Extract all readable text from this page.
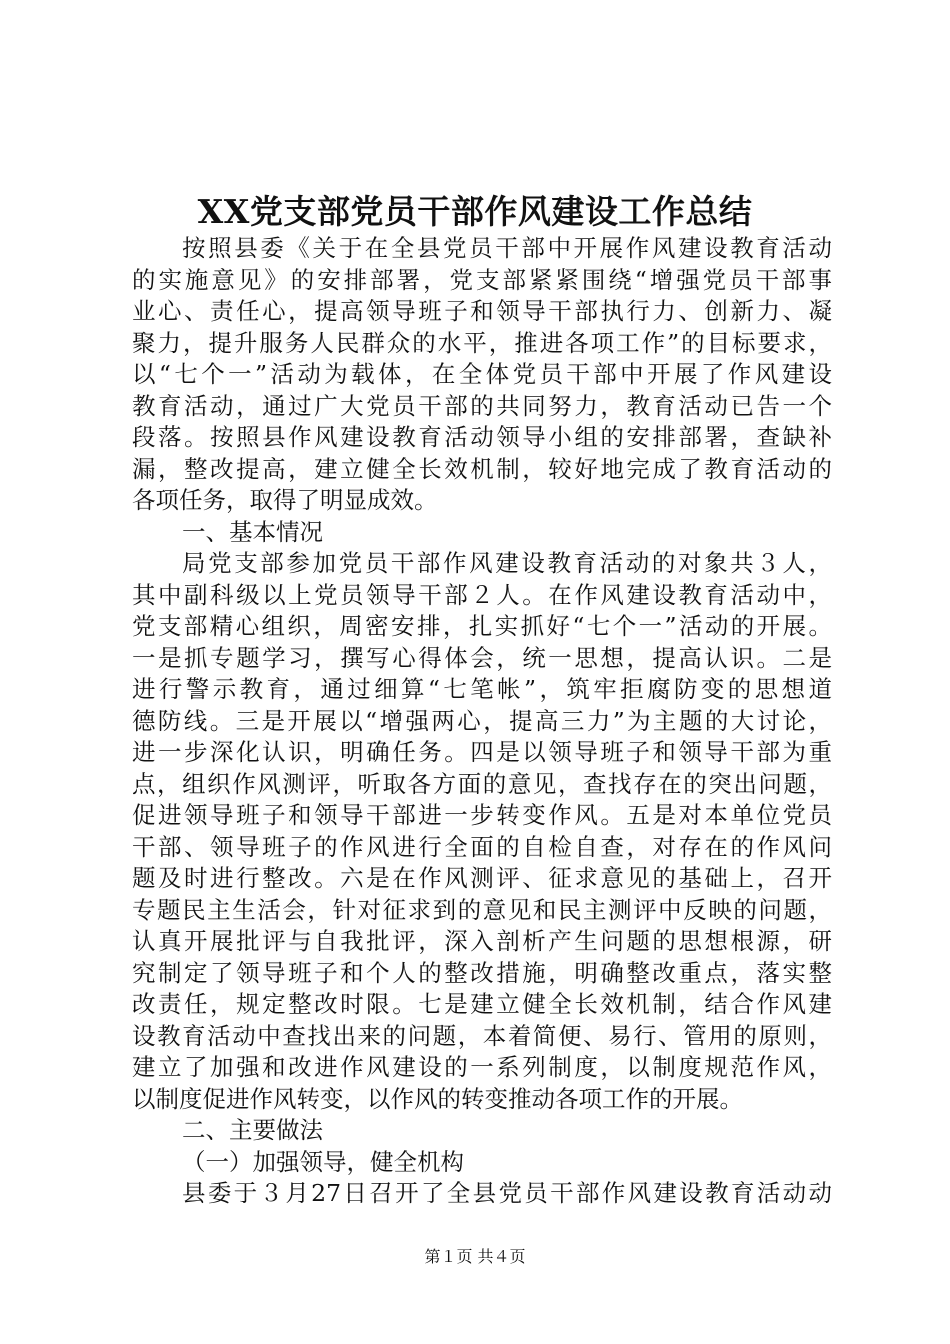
XX党支部党员干部作风建设工作总结
按照县委《关于在全县党员干部中开展作风建设教育活动
的实施意见》的安排部署，党支部紧紧围绕“增强党员干部事
业心、责任心，提高领导班子和领导干部执行力、创新力、凝
聚力，提升服务人民群众的水平，推进各项工作”的目标要求，
以“七个一”活动为载体，在全体党员干部中开展了作风建设
教育活动，通过广大党员干部的共同努力，教育活动已告一个
段落。按照县作风建设教育活动领导小组的安排部署，查缺补
漏，整改提高，建立健全长效机制，较好地完成了教育活动的
各项任务，取得了明显成效。
一、基本情况
局党支部参加党员干部作风建设教育活动的对象共３人，
其中副科级以上党员领导干部２人。在作风建设教育活动中，
党支部精心组织，周密安排，扎实抓好“七个一”活动的开展。
一是抓专题学习，撰写心得体会，统一思想，提高认识。二是
进行警示教育，通过细算“七笔帐”，筑牢拒腐防变的思想道
德防线。三是开展以“增强两心，提高三力”为主题的大讨论，
进一步深化认识，明确任务。四是以领导班子和领导干部为重
点，组织作风测评，听取各方面的意见，查找存在的突出问题，
促进领导班子和领导干部进一步转变作风。五是对本单位党员
干部、领导班子的作风进行全面的自检自查，对存在的作风问
题及时进行整改。六是在作风测评、征求意见的基础上，召开
专题民主生活会，针对征求到的意见和民主测评中反映的问题，
认真开展批评与自我批评，深入剖析产生问题的思想根源，研
究制定了领导班子和个人的整改措施，明确整改重点，落实整
改责任，规定整改时限。七是建立健全长效机制，结合作风建
设教育活动中查找出来的问题，本着简便、易行、管用的原则，
建立了加强和改进作风建设的一系列制度，以制度规范作风，
以制度促进作风转变，以作风的转变推动各项工作的开展。
二、主要做法
（一）加强领导，健全机构
县委于３月27日召开了全县党员干部作风建设教育活动动
第１页 共４页
